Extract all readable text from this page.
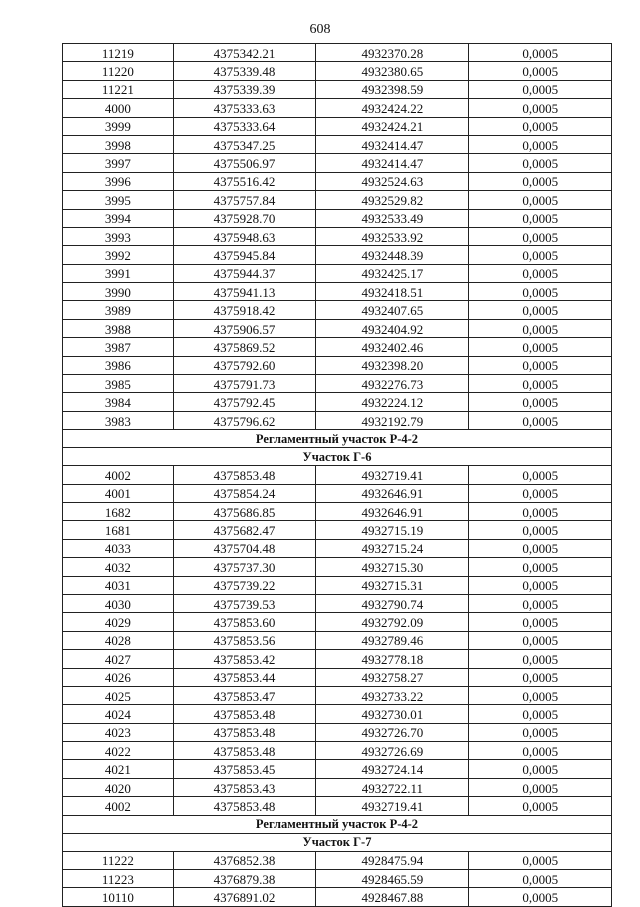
608
11219	4375342.21	4932370.28	0,0005
11220	4375339.48	4932380.65	0,0005
11221	4375339.39	4932398.59	0,0005
4000	4375333.63	4932424.22	0,0005
3999	4375333.64	4932424.21	0,0005
3998	4375347.25	4932414.47	0,0005
3997	4375506.97	4932414.47	0,0005
3996	4375516.42	4932524.63	0,0005
3995	4375757.84	4932529.82	0,0005
3994	4375928.70	4932533.49	0,0005
3993	4375948.63	4932533.92	0,0005
3992	4375945.84	4932448.39	0,0005
3991	4375944.37	4932425.17	0,0005
3990	4375941.13	4932418.51	0,0005
3989	4375918.42	4932407.65	0,0005
3988	4375906.57	4932404.92	0,0005
3987	4375869.52	4932402.46	0,0005
3986	4375792.60	4932398.20	0,0005
3985	4375791.73	4932276.73	0,0005
3984	4375792.45	4932224.12	0,0005
3983	4375796.62	4932192.79	0,0005
Регламентный участок Р-4-2			
Участок Г-6			
4002	4375853.48	4932719.41	0,0005
4001	4375854.24	4932646.91	0,0005
1682	4375686.85	4932646.91	0,0005
1681	4375682.47	4932715.19	0,0005
4033	4375704.48	4932715.24	0,0005
4032	4375737.30	4932715.30	0,0005
4031	4375739.22	4932715.31	0,0005
4030	4375739.53	4932790.74	0,0005
4029	4375853.60	4932792.09	0,0005
4028	4375853.56	4932789.46	0,0005
4027	4375853.42	4932778.18	0,0005
4026	4375853.44	4932758.27	0,0005
4025	4375853.47	4932733.22	0,0005
4024	4375853.48	4932730.01	0,0005
4023	4375853.48	4932726.70	0,0005
4022	4375853.48	4932726.69	0,0005
4021	4375853.45	4932724.14	0,0005
4020	4375853.43	4932722.11	0,0005
4002	4375853.48	4932719.41	0,0005
Регламентный участок Р-4-2			
Участок Г-7			
11222	4376852.38	4928475.94	0,0005
11223	4376879.38	4928465.59	0,0005
10110	4376891.02	4928467.88	0,0005
